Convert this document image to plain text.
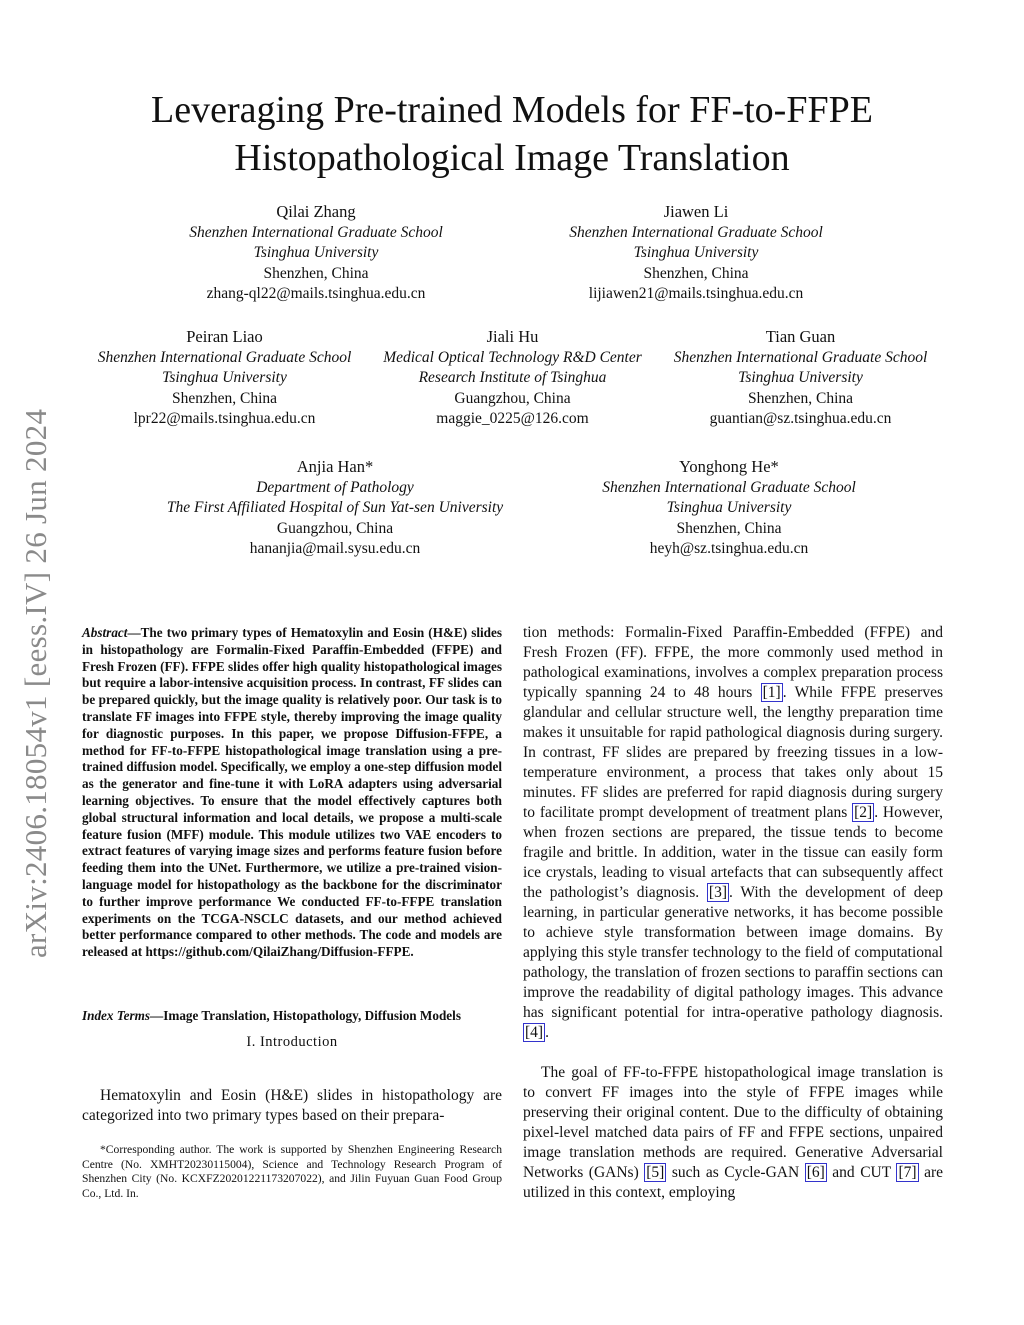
Leveraging Pre-trained Models for FF-to-FFPE
Histopathological Image Translation
Qilai Zhang
Shenzhen International Graduate School
Tsinghua University
Shenzhen, China
zhang-ql22@mails.tsinghua.edu.cn
Jiawen Li
Shenzhen International Graduate School
Tsinghua University
Shenzhen, China
lijiawen21@mails.tsinghua.edu.cn
Peiran Liao
Shenzhen International Graduate School
Tsinghua University
Shenzhen, China
lpr22@mails.tsinghua.edu.cn
Jiali Hu
Medical Optical Technology R&D Center
Research Institute of Tsinghua
Guangzhou, China
maggie_0225@126.com
Tian Guan
Shenzhen International Graduate School
Tsinghua University
Shenzhen, China
guantian@sz.tsinghua.edu.cn
Anjia Han*
Department of Pathology
The First Affiliated Hospital of Sun Yat-sen University
Guangzhou, China
hananjia@mail.sysu.edu.cn
Yonghong He*
Shenzhen International Graduate School
Tsinghua University
Shenzhen, China
heyh@sz.tsinghua.edu.cn
arXiv:2406.18054v1 [eess.IV] 26 Jun 2024 Abstract—The two primary types of Hematoxylin and Eosin (H&E) slides in histopathology are Formalin-Fixed Paraffin-Embedded (FFPE) and Fresh Frozen (FF). FFPE slides offer high quality histopathological images but require a labor-intensive acquisition process. In contrast, FF slides can be prepared quickly, but the image quality is relatively poor. Our task is to translate FF images into FFPE style, thereby improving the image quality for diagnostic purposes. In this paper, we propose Diffusion-FFPE, a method for FF-to-FFPE histopathological image translation using a pre-trained diffusion model. Specifically, we employ a one-step diffusion model as the generator and fine-tune it with LoRA adapters using adversarial learning objectives. To ensure that the model effectively captures both global structural information and local details, we propose a multi-scale feature fusion (MFF) module. This module utilizes two VAE encoders to extract features of varying image sizes and performs feature fusion before feeding them into the UNet. Furthermore, we utilize a pre-trained vision-language model for histopathology as the backbone for the discriminator to further improve performance We conducted FF-to-FFPE translation experiments on the TCGA-NSCLC datasets, and our method achieved better performance compared to other methods. The code and models are released at https://github.com/QilaiZhang/Diffusion-FFPE.
Index Terms—Image Translation, Histopathology, Diffusion Models
I. Introduction
Hematoxylin and Eosin (H&E) slides in histopathology are categorized into two primary types based on their prepara-
*Corresponding author. The work is supported by Shenzhen Engineering Research Centre (No. XMHT20230115004), Science and Technology Research Program of Shenzhen City (No. KCXFZ20201221173207022), and Jilin Fuyuan Guan Food Group Co., Ltd. In.
tion methods: Formalin-Fixed Paraffin-Embedded (FFPE) and Fresh Frozen (FF). FFPE, the more commonly used method in pathological examinations, involves a complex preparation process typically spanning 24 to 48 hours [1] . While FFPE preserves glandular and cellular structure well, the lengthy preparation time makes it unsuitable for rapid pathological diagnosis during surgery. In contrast, FF slides are prepared by freezing tissues in a low-temperature environment, a process that takes only about 15 minutes. FF slides are preferred for rapid diagnosis during surgery to facilitate prompt development of treatment plans [2] . However, when frozen sections are prepared, the tissue tends to become fragile and brittle. In addition, water in the tissue can easily form ice crystals, leading to visual artefacts that can subsequently affect the pathologist’s diagnosis. [3] . With the development of deep learning, in particular generative networks, it has become possible to achieve style transformation between image domains. By applying this style transfer technology to the field of computational pathology, the translation of frozen sections to paraffin sections can improve the readability of digital pathology images. This advance has significant potential for intra-operative pathology diagnosis. [4] .
The goal of FF-to-FFPE histopathological image translation is to convert FF images into the style of FFPE images while preserving their original content. Due to the difficulty of obtaining pixel-level matched data pairs of FF and FFPE sections, unpaired image translation methods are required. Generative Adversarial Networks (GANs) [5] such as Cycle-GAN [6] and CUT [7] are utilized in this context, employing
